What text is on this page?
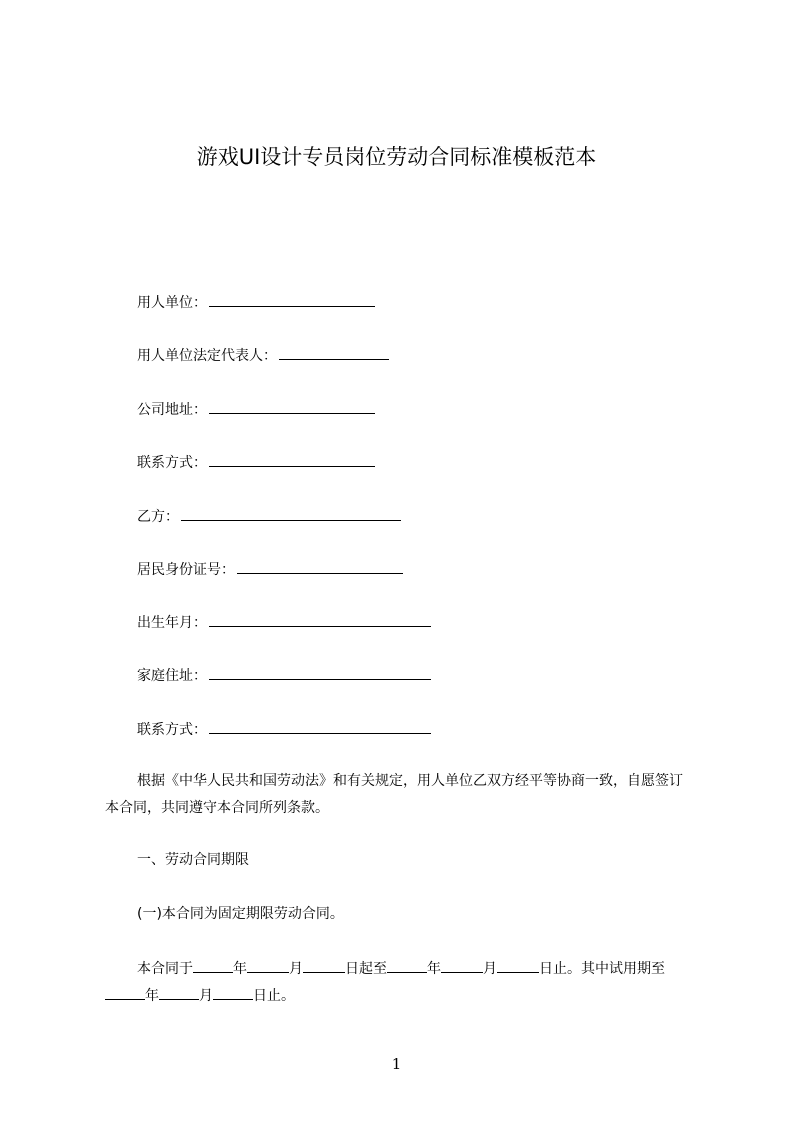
游戏UI设计专员岗位劳动合同标准模板范本
用人单位：
用人单位法定代表人：
公司地址：
联系方式：
乙方：
居民身份证号：
出生年月：
家庭住址：
联系方式：
根据《中华人民共和国劳动法》和有关规定，用人单位乙双方经平等协商一致，自愿签订本合同，共同遵守本合同所列条款。
一、劳动合同期限
(一)本合同为固定期限劳动合同。
本合同于	年	月	日起至	年	月	日止。其中试用期至
年	月	日止。
1
